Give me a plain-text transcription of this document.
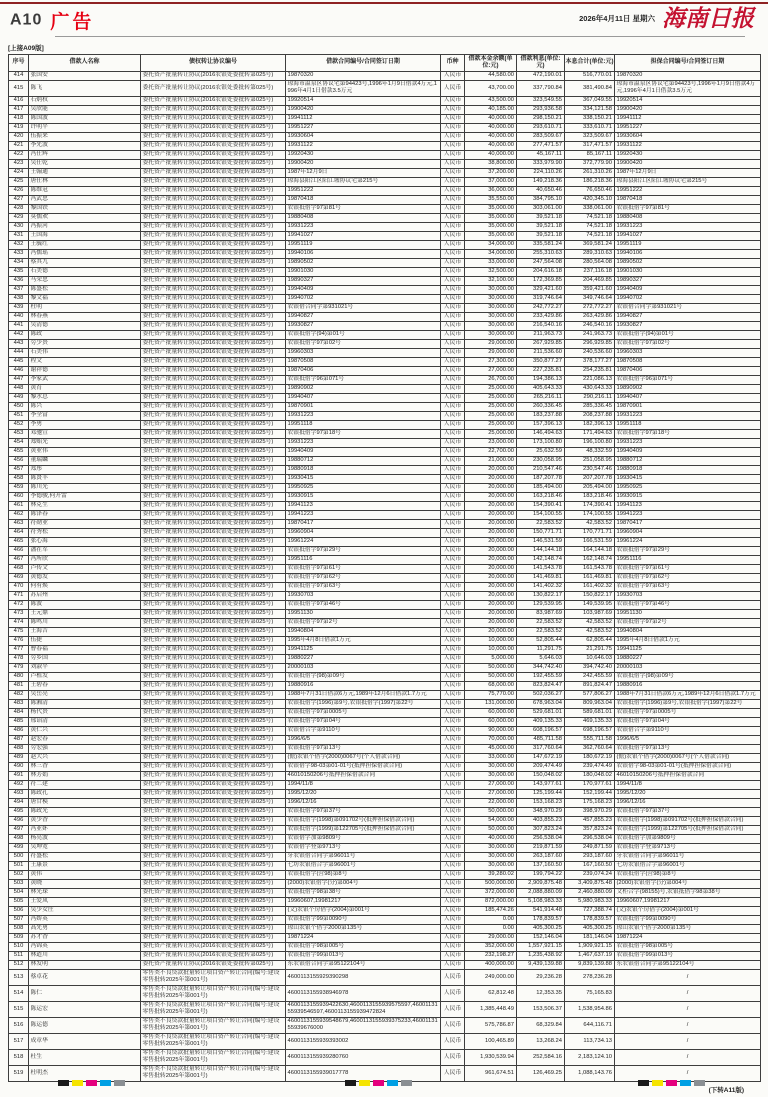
A10 广告	2026年4月11日 星期六 海南日报
[上接A09版]
序号	借款人名称	债权转让协议编号	借款合同编号/合同签订日期	币种	借款本金余额(单位:元)	借款利息(单位:元)	本息合计(单位:元)	担保合同编号/合同签订日期
414	张国安	委托资产批量转让协议(2016农银处委批转第025号)	19870320	人民币	44,580.00	472,190.01	516,770.01	19870320
415	陈飞	委托资产批量转让协议(2016农银处委批转第025号)	琼海市温泉区协议宅第94423号,1996年1月9日借款4万元,1996年4月1日借款3.5万元	人民币	43,700.00	337,790.84	381,490.84	琼海市温泉区协议宅第94423号,1996年1月9日借款4万元,1996年4月1日借款3.5万元
416	石炳权	委托资产批量转让协议(2016农银处委批转第025号)	19920514	人民币	43,500.00	323,549.55	367,049.55	19920514
417	吴欣能	委托资产批量转让协议(2016农银处委批转第025号)	19900420	人民币	40,185.00	293,936.58	334,121.58	19900420
418	陈国波	委托资产批量转让协议(2016农银处委批转第025号)	19941112	人民币	40,000.00	298,150.21	338,150.21	19941112
419	许明平	委托资产批量转让协议(2016农银处委批转第025号)	19951227	人民币	40,000.00	293,610.71	333,610.71	19951227
420	伍振来	委托资产批量转让协议(2016农银处委批转第025号)	19930604	人民币	40,000.00	283,509.67	323,509.67	19930604
421	李先波	委托资产批量转让协议(2016农银处委批转第025号)	19931122	人民币	40,000.00	277,471.57	317,471.57	19931122
422	冯仕辉	委托资产批量转让协议(2016农银处委批转第025号)	19920430	人民币	40,000.00	45,167.11	85,167.11	19920430
423	吴仕乾	委托资产批量转让协议(2016农银处委批转第025号)	19900420	人民币	38,800.00	333,979.90	372,779.90	19900420
424	王翰通	委托资产批量转让协议(2016农银处委批转第025号)	1987年12月9日	人民币	37,200.00	224,110.26	261,310.26	1987年12月9日
425	唐仕林	委托资产批量转让协议(2016农银处委批转第025号)	琼海县阳江区阳江墟协议宅第215号	人民币	37,000.00	149,218.36	186,218.36	琼海县阳江区阳江墟协议宅第215号
426	陈维冠	委托资产批量转让协议(2016农银处委批转第025号)	19951222	人民币	36,000.00	40,650.46	76,650.46	19951222
427	冯武忠	委托资产批量转让协议(2016农银处委批转第025号)	19870418	人民币	35,550.00	384,795.10	420,345.10	19870418
428	黎国铁	委托资产批量转让协议(2016农银处委批转第025号)	农银抵借字97第81号	人民币	35,000.00	303,061.00	338,061.00	农银抵借字97第81号
429	莫儒欢	委托资产批量转让协议(2016农银处委批转第025号)	19880408	人民币	35,000.00	39,521.18	74,521.18	19880408
430	冯振河	委托资产批量转让协议(2016农银处委批转第025号)	19931223	人民币	35,000.00	39,521.18	74,521.18	19931223
431	王国海	委托资产批量转让协议(2016农银处委批转第025号)	19941027	人民币	35,000.00	39,521.18	74,521.18	19941027
432	王毓红	委托资产批量转让协议(2016农银处委批转第025号)	19951119	人民币	34,000.00	335,581.24	369,581.24	19951119
433	冯儒瑶	委托资产批量转让协议(2016农银处委批转第025号)	19940106	人民币	34,000.00	255,310.63	289,310.63	19940106
434	蔡其九	委托资产批量转让协议(2016农银处委批转第025号)	19890502	人民币	33,000.00	247,564.08	280,564.08	19890502
435	石美德	委托资产批量转让协议(2016农银处委批转第025号)	19901030	人民币	32,500.00	204,616.18	237,116.18	19901030
436	马荣忠	委托资产批量转让协议(2016农银处委批转第025号)	19890327	人民币	32,100.00	172,369.85	204,469.85	19890327
437	陈盛松	委托资产批量转让协议(2016农银处委批转第025号)	19940409	人民币	30,000.00	329,421.60	359,421.60	19940409
438	黎文福	委托资产批量转让协议(2016农银处委批转第025号)	19940702	人民币	30,000.00	319,746.64	349,746.64	19940702
439	杜明	委托资产批量转让协议(2016农银处委批转第025号)	农银借合同字第931021号	人民币	30,000.00	242,772.27	272,772.27	农银借合同字第931021号
440	林春燕	委托资产批量转让协议(2016农银处委批转第025号)	19940827	人民币	30,000.00	233,429.86	263,429.86	19940827
441	吴清德	委托资产批量转让协议(2016农银处委批转第025号)	19930827	人民币	30,000.00	216,540.16	246,540.16	19930827
442	陈政	委托资产批量转让协议(2016农银处委批转第025号)	农银抵借字(94)第01号	人民币	30,000.00	211,963.73	241,963.73	农银抵借字(94)第01号
443	劳少贵	委托资产批量转让协议(2016农银处委批转第025号)	农银抵借字97第02号	人民币	29,000.00	267,929.85	296,929.85	农银抵借字97第02号
444	石美伟	委托资产批量转让协议(2016农银处委批转第025号)	19960303	人民币	29,000.00	211,536.60	240,536.60	19960303
445	程文	委托资产批量转让协议(2016农银处委批转第025号)	19870508	人民币	27,300.00	350,877.27	378,177.27	19870508
446	谢祥德	委托资产批量转让协议(2016农银处委批转第025号)	19870406	人民币	27,000.00	227,235.81	254,235.81	19870406
447	李家武	委托资产批量转让协议(2016农银处委批转第025号)	农银抵借字96第071号	人民币	26,700.00	194,386.13	221,086.13	农银抵借字96第071号
448	黄育	委托资产批量转让协议(2016农银处委批转第025号)	19890902	人民币	25,000.00	405,643.33	430,643.33	19890902
449	黎水总	委托资产批量转让协议(2016农银处委批转第025号)	19940407	人民币	25,000.00	265,216.11	290,216.11	19940407
450	陈兴	委托资产批量转让协议(2016农银处委批转第025号)	19870901	人民币	25,000.00	260,336.45	285,336.45	19870901
451	李全富	委托资产批量转让协议(2016农银处委批转第025号)	19931223	人民币	25,000.00	183,237.88	208,237.88	19931223
452	李勇	委托资产批量转让协议(2016农银处委批转第025号)	19951118	人民币	25,000.00	157,396.13	182,396.13	19951118
453	邓驰宣	委托资产批量转让协议(2016农银处委批转第025号)	农银抵借字97第18号	人民币	25,000.00	146,494.63	171,494.63	农银抵借字97第18号
454	郑贻光	委托资产批量转让协议(2016农银处委批转第025号)	19931223	人民币	23,000.00	173,100.80	196,100.80	19931223
455	黄业伟	委托资产批量转让协议(2016农银处委批转第025号)	19940409	人民币	22,700.00	25,632.59	48,332.59	19940409
456	董瑞麟	委托资产批量转让协议(2016农银处委批转第025号)	19880712	人民币	21,000.00	230,058.95	251,058.95	19880712
457	郑彤	委托资产批量转让协议(2016农银处委批转第025号)	19880918	人民币	20,000.00	210,547.46	230,547.46	19880918
458	陈贤丰	委托资产批量转让协议(2016农银处委批转第025号)	19930415	人民币	20,000.00	187,207.78	207,207.78	19930415
459	陈川光	委托资产批量转让协议(2016农银处委批转第025号)	19950925	人民币	20,000.00	185,494.00	205,494.00	19950925
460	李德骏,何开雷	委托资产批量转让协议(2016农银处委批转第025号)	19930915	人民币	20,000.00	163,218.46	183,218.46	19930915
461	林克生	委托资产批量转让协议(2016农银处委批转第025号)	19941123	人民币	20,000.00	154,390.41	174,390.41	19941123
462	陈泽春	委托资产批量转让协议(2016农银处委批转第025号)	19941223	人民币	20,000.00	154,100.55	174,100.55	19941223
463	符勋业	委托资产批量转让协议(2016农银处委批转第025号)	19870417	人民币	20,000.00	22,583.52	42,583.52	19870417
464	符秀松	委托资产批量转让协议(2016农银处委批转第025号)	19960904	人民币	20,000.00	150,771.71	170,771.71	19960904
465	张心海	委托资产批量转让协议(2016农银处委批转第025号)	19961224	人民币	20,000.00	146,531.59	166,531.59	19961224
466	潘在军	委托资产批量转让协议(2016农银处委批转第025号)	农银抵借字97第29号	人民币	20,000.00	144,144.18	164,144.18	农银抵借字97第29号
467	冯所欣	委托资产批量转让协议(2016农银处委批转第025号)	19951116	人民币	20,000.00	142,148.74	162,148.74	19951116
468	卢传文	委托资产批量转让协议(2016农银处委批转第025号)	农银抵借字97第61号	人民币	20,000.00	141,543.78	161,543.78	农银抵借字97第61号
469	黄德发	委托资产批量转让协议(2016农银处委批转第025号)	农银抵借字97第62号	人民币	20,000.00	141,469.81	161,469.81	农银抵借字97第62号
470	何有焕	委托资产批量转让协议(2016农银处委批转第025号)	农银抵借字97第63号	人民币	20,000.00	141,402.32	161,402.32	农银抵借字97第63号
471	苏启州	委托资产批量转让协议(2016农银处委批转第025号)	19930703	人民币	20,000.00	130,822.17	150,822.17	19930703
472	陈波	委托资产批量转让协议(2016农银处委批转第025号)	农银抵借字97第46号	人民币	20,000.00	129,539.95	149,539.95	农银抵借字97第46号
473	王元鼎	委托资产批量转让协议(2016农银处委批转第025号)	19951130	人民币	20,000.00	83,987.69	103,987.69	19951130
474	陈鸣川	委托资产批量转让协议(2016农银处委批转第025号)	农银抵借字97第2号	人民币	20,000.00	22,583.52	42,583.52	农银抵借字97第2号
475	王海吉	委托资产批量转让协议(2016农银处委批转第025号)	19940804	人民币	20,000.00	22,583.52	42,583.52	19940804
476	伍捷	委托资产批量转让协议(2016农银处委批转第025号)	1995年4月8日借款1万元	人民币	10,000.00	52,805.44	62,805.44	1995年4月8日借款1万元
477	曹春福	委托资产批量转让协议(2016农银处委批转第025号)	19941125	人民币	10,000.00	11,291.75	21,291.75	19941125
478	劳乡国	委托资产批量转让协议(2016农银处委批转第025号)	19880227	人民币	5,000.00	5,646.03	10,646.03	19880227
479	刘淑平	委托资产批量转让协议(2016农银处委批转第025号)	20000103	人民币	50,000.00	344,742.40	394,742.40	20000103
480	卢植发	委托资产批量转让协议(2016农银处委批转第025号)	农银抵借字(98)第09号	人民币	50,000.00	192,455.59	242,455.59	农银抵借字(98)第09号
481	王碧春	委托资产批量转让协议(2016农银处委批转第025号)	19880916	人民币	68,000.00	823,824.47	891,824.47	19880916
482	吴岳亮	委托资产批量转让协议(2016农银处委批转第025号)	1988年7月31日借款6万元,1989年12月6日借款1.7万元	人民币	75,770.00	502,036.27	577,806.27	1988年7月31日借款6万元,1989年12月6日借款1.7万元
483	陈湘清	委托资产批量转让协议(2016农银处委批转第025号)	农银抵借字(1996)第9号,农银抵借字(1997)第22号	人民币	131,000.00	678,963.04	809,963.04	农银抵借字(1996)第9号,农银抵借字(1997)第22号
484	杨代贵	委托资产批量转让协议(2016农银处委批转第025号)	农银抵借字97第0005号	人民币	60,000.00	529,681.01	589,681.01	农银抵借字97第0005号
485	邢诒清	委托资产批量转让协议(2016农银处委批转第025号)	农银抵借字97第04号	人民币	60,000.00	409,135.33	469,135.33	农银抵借字97第04号
486	黄仁兴	委托资产批量转让协议(2016农银处委批转第025号)	农银借合字第9110号	人民币	90,000.00	608,196.57	698,196.57	农银借合字第9110号
487	赵宏春	委托资产批量转让协议(2016农银处委批转第025号)	1996/6/5	人民币	70,000.00	485,711.58	555,711.58	1996/6/5
488	劳宏强	委托资产批量转让协议(2016农银处委批转第025号)	农银抵借字97第13号	人民币	45,000.00	317,760.64	362,760.64	农银抵借字97第13号
489	赵大兴	委托资产批量转让协议(2016农银处委批转第025号)	(儋)农银个借字(2000)0067号(个人借款合同)	人民币	33,000.00	147,672.19	180,672.19	(儋)农银个借字(2000)0067号(个人借款合同)
490	林三香	委托资产批量转让协议(2016农银处委批转第025号)	农银借字98-03第01-01号(抵押担保借款合同)	人民币	30,000.00	209,474.49	239,474.49	农银借字98-03第01-01号(抵押担保借款合同)
491	林芳娟	委托资产批量转让协议(2016农银处委批转第025号)	46010150206号抵押担保借款合同	人民币	30,000.00	150,048.02	180,048.02	46010150206号抵押担保借款合同
492	符二建	委托资产批量转让协议(2016农银处委批转第025号)	1994/11/8	人民币	27,000.00	143,977.61	170,977.61	1994/11/8
493	陈政孔	委托资产批量转让协议(2016农银处委批转第025号)	1995/12/20	人民币	27,000.00	125,199.44	152,199.44	1995/12/20
494	唐甘模	委托资产批量转让协议(2016农银处委批转第025号)	1996/12/16	人民币	22,000.00	153,168.23	175,168.23	1996/12/16
495	陈政光	委托资产批量转让协议(2016农银处委批转第025号)	农银抵借字97第37号	人民币	50,000.00	348,970.29	398,970.29	农银抵借字97第37号
496	黄少香	委托资产批量转让协议(2016农银处委批转第025号)	农银抵借字(1998)第091702号(抵押担保借款合同)	人民币	54,000.00	403,855.23	457,855.23	农银抵借字(1998)第091702号(抵押担保借款合同)
497	冯亚妚	委托资产批量转让协议(2016农银处委批转第025号)	农银抵借字(1999)第122705号(抵押担保借款合同)	人民币	50,000.00	307,823.24	357,823.24	农银抵借字(1999)第122705号(抵押担保借款合同)
498	杨亮波	委托资产批量转让协议(2016农银处委批转第025号)	农银借字加第9809号	人民币	40,000.00	256,538.04	296,538.04	农银抵借字加第9809号
499	吴坤宽	委托资产批量转让协议(2016农银处委批转第025号)	农银借字登第9713号	人民币	30,000.00	219,871.59	249,871.59	农银抵借字登第9713号
500	符盛松	委托资产批量转让协议(2016农银处委批转第025号)	牙农银借合同字第96011号	人民币	30,000.00	263,187.60	293,187.60	牙农银借合同字第96011号
501	王康景	委托资产批量转让协议(2016农银处委批转第025号)	七坊农银借合字第96001号	人民币	30,000.00	137,160.50	167,160.50	七坊农银借合字第96001号
502	黄伟	委托资产批量转让协议(2016农银处委批转第025号)	农银抵借字(营98)第8号	人民币	39,280.02	199,794.22	239,074.24	农银抵借字(营98)第8号
503	黄晓	委托资产批量转让协议(2016农银处委批转第025号)	(2000)农银借字(分)第004号	人民币	500,000.00	2,909,875.48	3,409,875.48	(2000)农银借字(分)第004号
504	林光琛	委托资产批量转让协议(2016农银处委批转第025号)	农银抵借字98第38号	人民币	372,000.00	2,088,880.09	2,460,880.09	文柜合字(98155)号,农银抵借字98第38号
505	王爱凤	委托资产批量转让协议(2016农银处委批转第025号)	19960607,19981217	人民币	872,000.00	5,108,983.33	5,980,983.33	19960607,19981217
506	吴少女庄	委托资产批量转让协议(2016农银处委批转第025号)	(文)农银个房借字(2004)第001号	人民币	185,474.26	541,914.48	727,388.74	(文)农银个房借字(2004)第001号
507	冯娇英	委托资产批量转让协议(2016农银处委批转第025号)	农银抵借字99第0090号	人民币	0.00	178,839.57	178,839.57	农银抵借字99第0090号
508	高先勇	委托资产批量转让协议(2016农银处委批转第025号)	琼山农银个借字2000第135号	人民币	0.00	405,300.25	405,300.25	琼山农银个借字2000第135号
509	苏才香	委托资产批量转让协议(2016农银处委批转第025号)	19871224	人民币	29,000.00	152,146.04	181,146.04	19871224
510	冯锦英	委托资产批量转让协议(2016农银处委批转第025号)	农银抵借字98第005号	人民币	352,000.00	1,557,921.15	1,909,921.15	农银抵借字98第005号
511	林道川	委托资产批量转让协议(2016农银处委批转第025号)	农银抵借字99第013号	人民币	232,198.27	1,235,438.92	1,467,637.19	农银抵借字99第013号
512	林发明	委托资产批量转让协议(2016农银处委批转第025号)	东农银借合同字第95122104号	人民币	400,000.00	9,439,139.88	9,839,139.88	东农银借合同字第95122104号
513	蔡卓花	零售类不良贷款批量转让项目资产转让合同(编号:建设零售批转2025年第001号)	4600113155929390298	人民币	249,000.00	29,236.28	278,236.28	/
514	陈仁	零售类不良贷款批量转让项目资产转让合同(编号:建设零售批转2025年第001号)	4600113155938946978	人民币	62,812.48	12,353.35	75,165.83	/
515	陈运宏	零售类不良贷款批量转让项目资产转让合同(编号:建设零售批转2025年第001号)	4600113155939422630,4600113155939575597,4600113155939546597,4600113155939472824	人民币	1,385,448.49	153,506.37	1,538,954.86	/
516	陈运德	零售类不良贷款批量转让项目资产转让合同(编号:建设零售批转2025年第001号)	4600113155939548679,4600113155939375233,4600113155939676000	人民币	575,786.87	68,329.84	644,116.71	/
517	成章华	零售类不良贷款批量转让项目资产转让合同(编号:建设零售批转2025年第001号)	4600113155939393002	人民币	100,465.89	13,268.24	113,734.13	/
518	杜生	零售类不良贷款批量转让项目资产转让合同(编号:建设零售批转2025年第001号)	4600113155939280760	人民币	1,930,539.94	252,584.16	2,183,124.10	/
519	杜明杰	零售类不良贷款批量转让项目资产转让合同(编号:建设零售批转2025年第001号)	4600113155939017778	人民币	961,674.51	126,469.25	1,088,143.76	/
(下转A11版)
